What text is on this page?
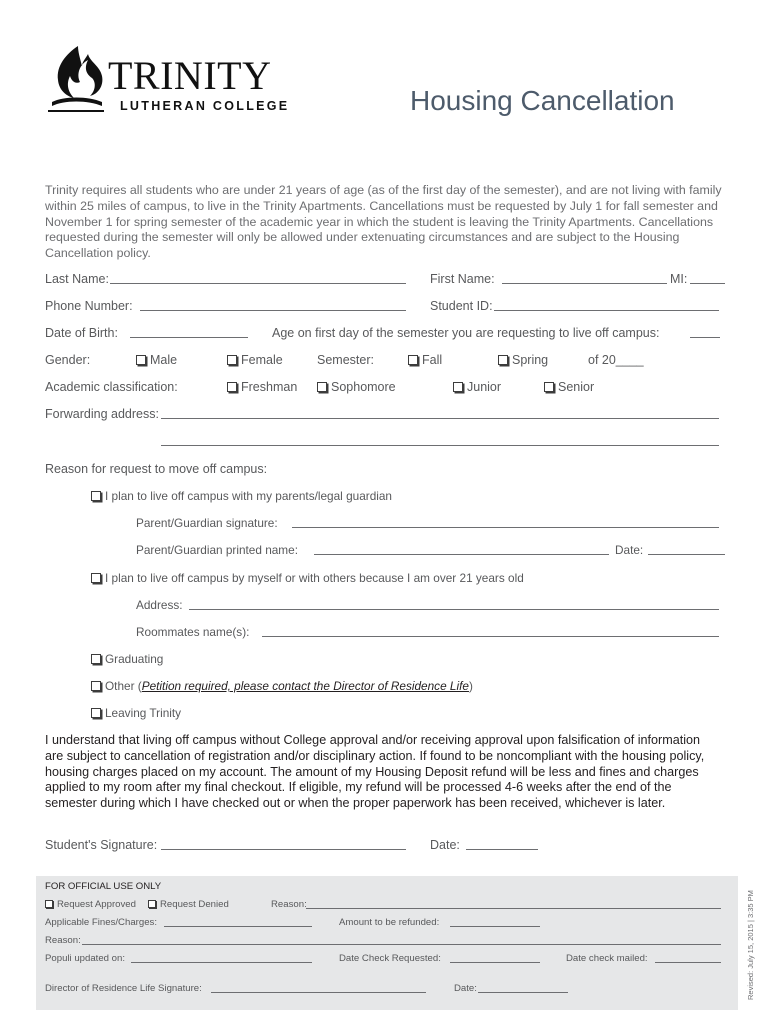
TRINITY
LUTHERAN COLLEGE	Housing Cancellation
Trinity requires all students who are under 21 years of age (as of the first day of the semester), and are not living with family within 25 miles of campus, to live in the Trinity Apartments. Cancellations must be requested by July 1 for fall semester and November 1 for spring semester of the academic year in which the student is leaving the Trinity Apartments. Cancellations requested during the semester will only be allowed under extenuating circumstances and are subject to the Housing Cancellation policy.
Last Name:	First Name:	MI:
Phone Number:	Student ID:
Date of Birth:	Age on first day of the semester you are requesting to live off campus:
Gender:	Male	Female	Semester:	Fall	Spring	of 20____
Academic classification:	Freshman	Sophomore	Junior	Senior
Forwarding address:
Reason for request to move off campus:
I plan to live off campus with my parents/legal guardian
Parent/Guardian signature:
Parent/Guardian printed name:	Date:
I plan to live off campus by myself or with others because I am over 21 years old
Address:
Roommates name(s):
Graduating
Other (Petition required, please contact the Director of Residence Life)
Leaving Trinity
I understand that living off campus without College approval and/or receiving approval upon falsification of information are subject to cancellation of registration and/or disciplinary action. If found to be noncompliant with the housing policy, housing charges placed on my account. The amount of my Housing Deposit refund will be less and fines and charges applied to my room after my final checkout. If eligible, my refund will be processed 4-6 weeks after the end of the semester during which I have checked out or when the proper paperwork has been received, whichever is later.
Student's Signature:	Date:
FOR OFFICIAL USE ONLY
Request Approved	Request Denied	Reason:
Applicable Fines/Charges:	Amount to be refunded:
Reason:
Populi updated on:	Date Check Requested:	Date check mailed:
Director of Residence Life Signature:	Date:	Revised: July 15, 2015 | 3:35 PM
